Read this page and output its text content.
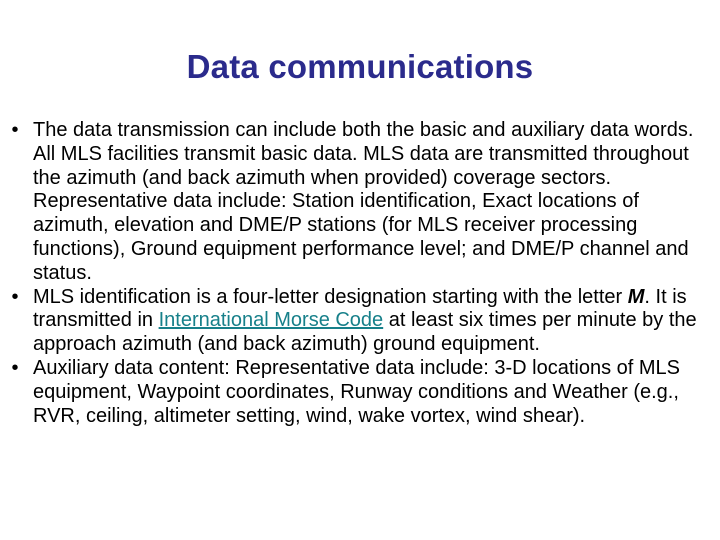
Data communications
• The data transmission can include both the basic and auxiliary data words. All MLS facilities transmit basic data. MLS data are transmitted throughout the azimuth (and back azimuth when provided) coverage sectors. Representative data include: Station identification, Exact locations of azimuth, elevation and DME/P stations (for MLS receiver processing functions), Ground equipment performance level; and DME/P channel and status.
• MLS identification is a four-letter designation starting with the letter M. It is transmitted in International Morse Code at least six times per minute by the approach azimuth (and back azimuth) ground equipment.
• Auxiliary data content: Representative data include: 3-D locations of MLS equipment, Waypoint coordinates, Runway conditions and Weather (e.g., RVR, ceiling, altimeter setting, wind, wake vortex, wind shear).
